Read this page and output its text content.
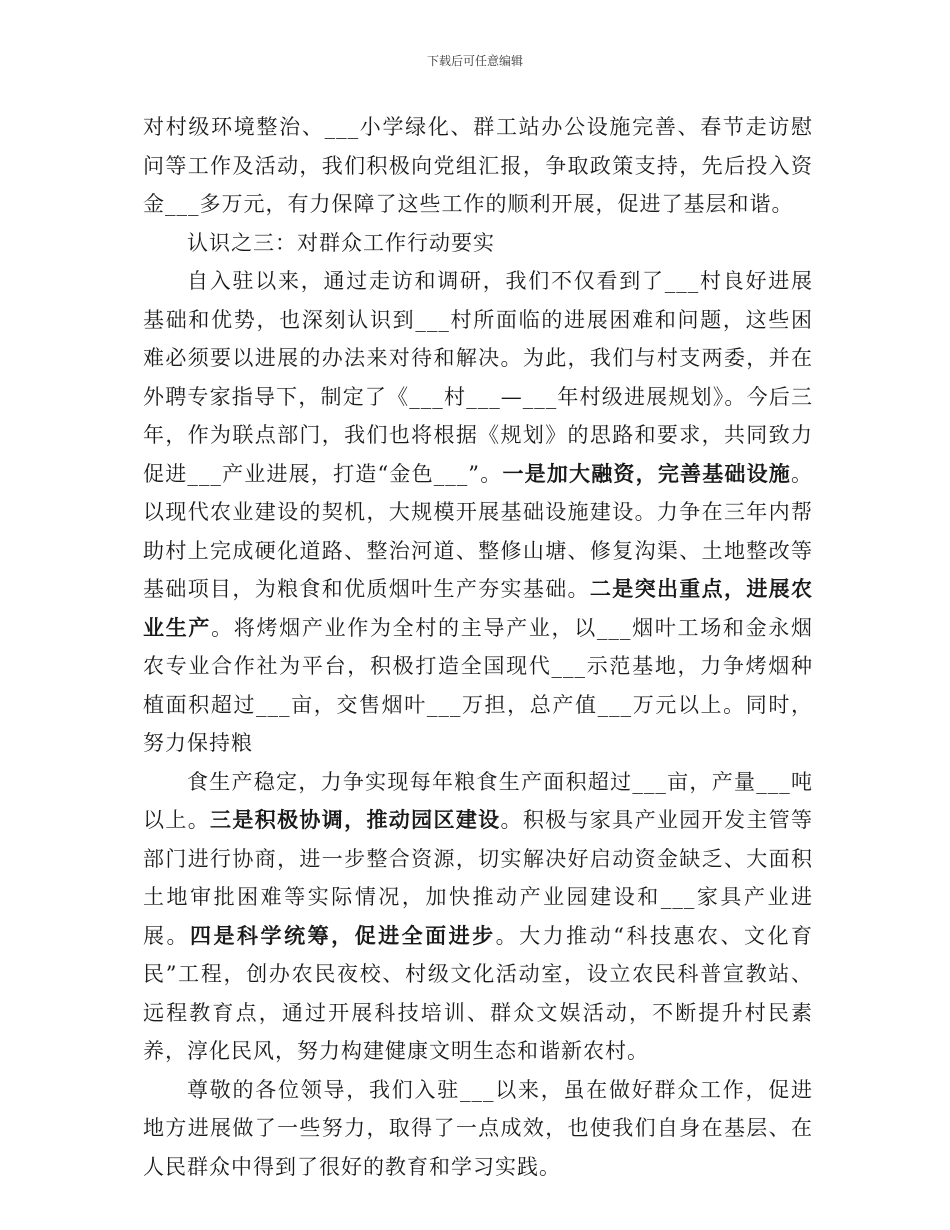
下载后可任意编辑

对村级环境整治、___小学绿化、群工站办公设施完善、春节走访慰问等工作及活动，我们积极向党组汇报，争取政策支持，先后投入资金___多万元，有力保障了这些工作的顺利开展，促进了基层和谐。

认识之三：对群众工作行动要实

自入驻以来，通过走访和调研，我们不仅看到了___村良好进展基础和优势，也深刻认识到___村所面临的进展困难和问题，这些困难必须要以进展的办法来对待和解决。为此，我们与村支两委，并在外聘专家指导下，制定了《___村___—___年村级进展规划》。今后三年，作为联点部门，我们也将根据《规划》的思路和要求，共同致力促进___产业进展，打造“金色___”。一是加大融资，完善基础设施。以现代农业建设的契机，大规模开展基础设施建设。力争在三年内帮助村上完成硬化道路、整治河道、整修山塘、修复沟渠、土地整改等基础项目，为粮食和优质烟叶生产夯实基础。二是突出重点，进展农业生产。将烤烟产业作为全村的主导产业，以___烟叶工场和金永烟农专业合作社为平台，积极打造全国现代___示范基地，力争烤烟种植面积超过___亩，交售烟叶___万担，总产值___万元以上。同时，努力保持粮

食生产稳定，力争实现每年粮食生产面积超过___亩，产量___吨以上。三是积极协调，推动园区建设。积极与家具产业园开发主管等部门进行协商，进一步整合资源，切实解决好启动资金缺乏、大面积土地审批困难等实际情况，加快推动产业园建设和___家具产业进展。四是科学统筹，促进全面进步。大力推动“科技惠农、文化育民”工程，创办农民夜校、村级文化活动室，设立农民科普宣教站、远程教育点，通过开展科技培训、群众文娱活动，不断提升村民素养，淳化民风，努力构建健康文明生态和谐新农村。

尊敬的各位领导，我们入驻___以来，虽在做好群众工作，促进地方进展做了一些努力，取得了一点成效，也使我们自身在基层、在人民群众中得到了很好的教育和学习实践。
